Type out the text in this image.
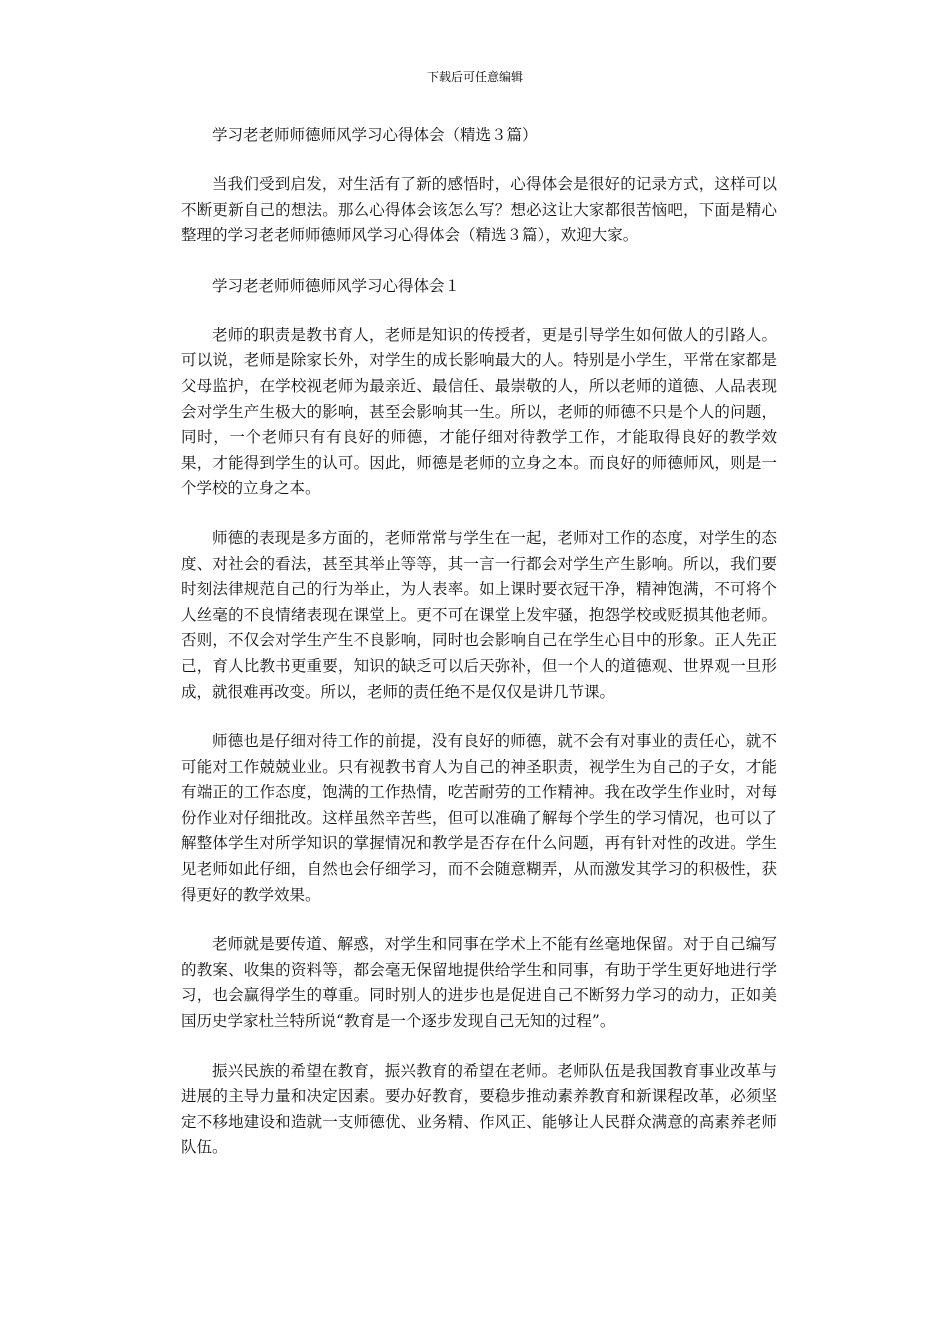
下载后可任意编辑

学习老老师师德师风学习心得体会（精选３篇）

当我们受到启发，对生活有了新的感悟时，心得体会是很好的记录方式，这样可以不断更新自己的想法。那么心得体会该怎么写？想必这让大家都很苦恼吧，下面是精心整理的学习老老师师德师风学习心得体会（精选３篇），欢迎大家。

学习老老师师德师风学习心得体会１

老师的职责是教书育人，老师是知识的传授者，更是引导学生如何做人的引路人。可以说，老师是除家长外，对学生的成长影响最大的人。特别是小学生，平常在家都是父母监护，在学校视老师为最亲近、最信任、最崇敬的人，所以老师的道德、人品表现会对学生产生极大的影响，甚至会影响其一生。所以，老师的师德不只是个人的问题，同时，一个老师只有有良好的师德，才能仔细对待教学工作，才能取得良好的教学效果，才能得到学生的认可。因此，师德是老师的立身之本。而良好的师德师风，则是一个学校的立身之本。

师德的表现是多方面的，老师常常与学生在一起，老师对工作的态度，对学生的态度、对社会的看法，甚至其举止等等，其一言一行都会对学生产生影响。所以，我们要时刻法律规范自己的行为举止，为人表率。如上课时要衣冠干净，精神饱满，不可将个人丝毫的不良情绪表现在课堂上。更不可在课堂上发牢骚，抱怨学校或贬损其他老师。否则，不仅会对学生产生不良影响，同时也会影响自己在学生心目中的形象。正人先正己，育人比教书更重要，知识的缺乏可以后天弥补，但一个人的道德观、世界观一旦形成，就很难再改变。所以，老师的责任绝不是仅仅是讲几节课。

师德也是仔细对待工作的前提，没有良好的师德，就不会有对事业的责任心，就不可能对工作兢兢业业。只有视教书育人为自己的神圣职责，视学生为自己的子女，才能有端正的工作态度，饱满的工作热情，吃苦耐劳的工作精神。我在改学生作业时，对每份作业对仔细批改。这样虽然辛苦些，但可以准确了解每个学生的学习情况，也可以了解整体学生对所学知识的掌握情况和教学是否存在什么问题，再有针对性的改进。学生见老师如此仔细，自然也会仔细学习，而不会随意糊弄，从而激发其学习的积极性，获得更好的教学效果。

老师就是要传道、解惑，对学生和同事在学术上不能有丝毫地保留。对于自己编写的教案、收集的资料等，都会毫无保留地提供给学生和同事，有助于学生更好地进行学习，也会赢得学生的尊重。同时别人的进步也是促进自己不断努力学习的动力，正如美国历史学家杜兰特所说“教育是一个逐步发现自己无知的过程”。

振兴民族的希望在教育，振兴教育的希望在老师。老师队伍是我国教育事业改革与进展的主导力量和决定因素。要办好教育，要稳步推动素养教育和新课程改革，必须坚定不移地建设和造就一支师德优、业务精、作风正、能够让人民群众满意的高素养老师队伍。
